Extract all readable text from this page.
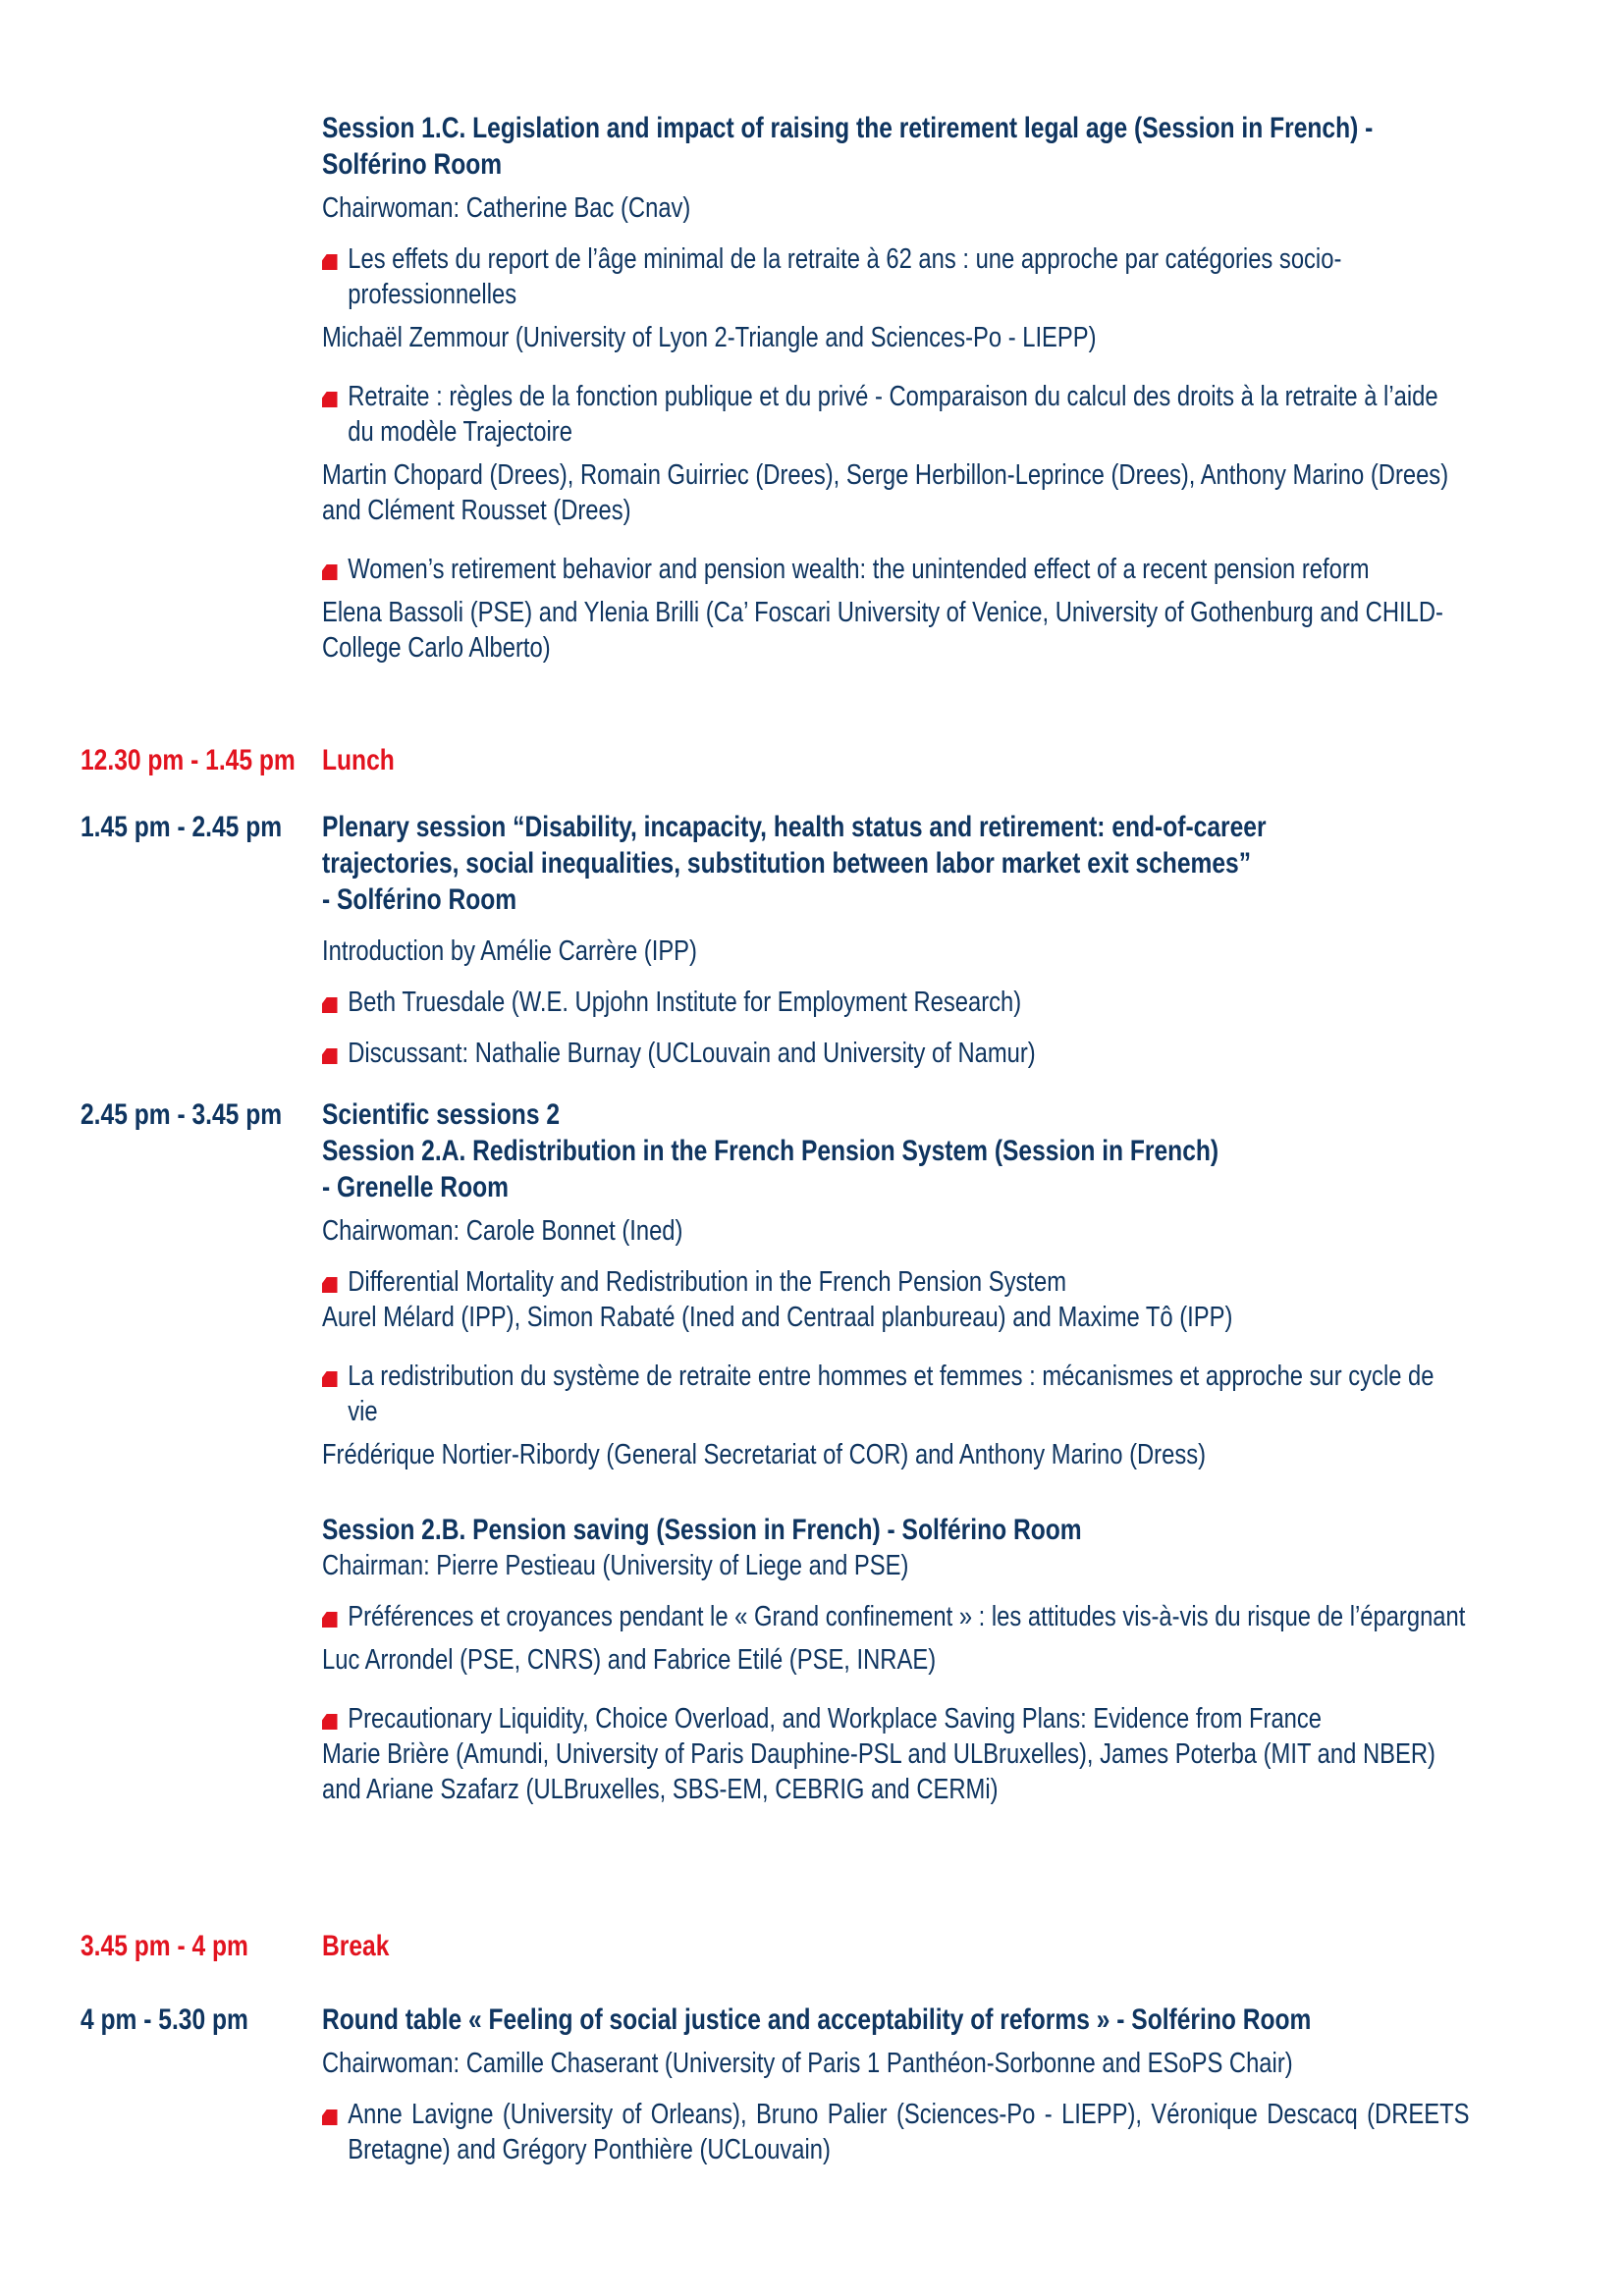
Session 1.C. Legislation and impact of raising the retirement legal age (Session in French) - Solférino Room

Chairwoman: Catherine Bac (Cnav)

Les effets du report de l’âge minimal de la retraite à 62 ans : une approche par catégories socio-professionnelles

Michaël Zemmour (University of Lyon 2-Triangle and Sciences-Po - LIEPP)

Retraite : règles de la fonction publique et du privé - Comparaison du calcul des droits à la retraite à l’aide du modèle Trajectoire

Martin Chopard (Drees), Romain Guirriec (Drees), Serge Herbillon-Leprince (Drees), Anthony Marino (Drees) and Clément Rousset (Drees)

Women’s retirement behavior and pension wealth: the unintended effect of a recent pension reform

Elena Bassoli (PSE) and Ylenia Brilli (Ca’ Foscari University of Venice, University of Gothenburg and CHILD-College Carlo Alberto)

12.30 pm - 1.45 pm Lunch

1.45 pm - 2.45 pm	Plenary session “Disability, incapacity, health status and retirement: end-of-career

trajectories, social inequalities, substitution between labor market exit schemes”

- Solférino Room

Introduction by Amélie Carrère (IPP)

Beth Truesdale (W.E. Upjohn Institute for Employment Research)

Discussant: Nathalie Burnay (UCLouvain and University of Namur)

2.45 pm - 3.45 pm	Scientific sessions 2

Session 2.A. Redistribution in the French Pension System (Session in French)

- Grenelle Room

Chairwoman: Carole Bonnet (Ined)

Differential Mortality and Redistribution in the French Pension System

Aurel Mélard (IPP), Simon Rabaté (Ined and Centraal planbureau) and Maxime Tô (IPP)

La redistribution du système de retraite entre hommes et femmes : mécanismes et approche sur cycle de vie

Frédérique Nortier-Ribordy (General Secretariat of COR) and Anthony Marino (Dress)

Session 2.B. Pension saving (Session in French) - Solférino Room

Chairman: Pierre Pestieau (University of Liege and PSE)

Préférences et croyances pendant le « Grand confinement » : les attitudes vis-à-vis du risque de l’épargnant

Luc Arrondel (PSE, CNRS) and Fabrice Etilé (PSE, INRAE)

Precautionary Liquidity, Choice Overload, and Workplace Saving Plans: Evidence from France

Marie Brière (Amundi, University of Paris Dauphine-PSL and ULBruxelles), James Poterba (MIT and NBER) and Ariane Szafarz (ULBruxelles, SBS-EM, CEBRIG and CERMi)

3.45 pm - 4 pm	Break

4 pm - 5.30 pm	Round table « Feeling of social justice and acceptability of reforms » - Solférino Room

Chairwoman: Camille Chaserant (University of Paris 1 Panthéon-Sorbonne and ESoPS Chair)

Anne Lavigne (University of Orleans), Bruno Palier (Sciences-Po - LIEPP), Véronique Descacq (DREETS Bretagne) and Grégory Ponthière (UCLouvain)
